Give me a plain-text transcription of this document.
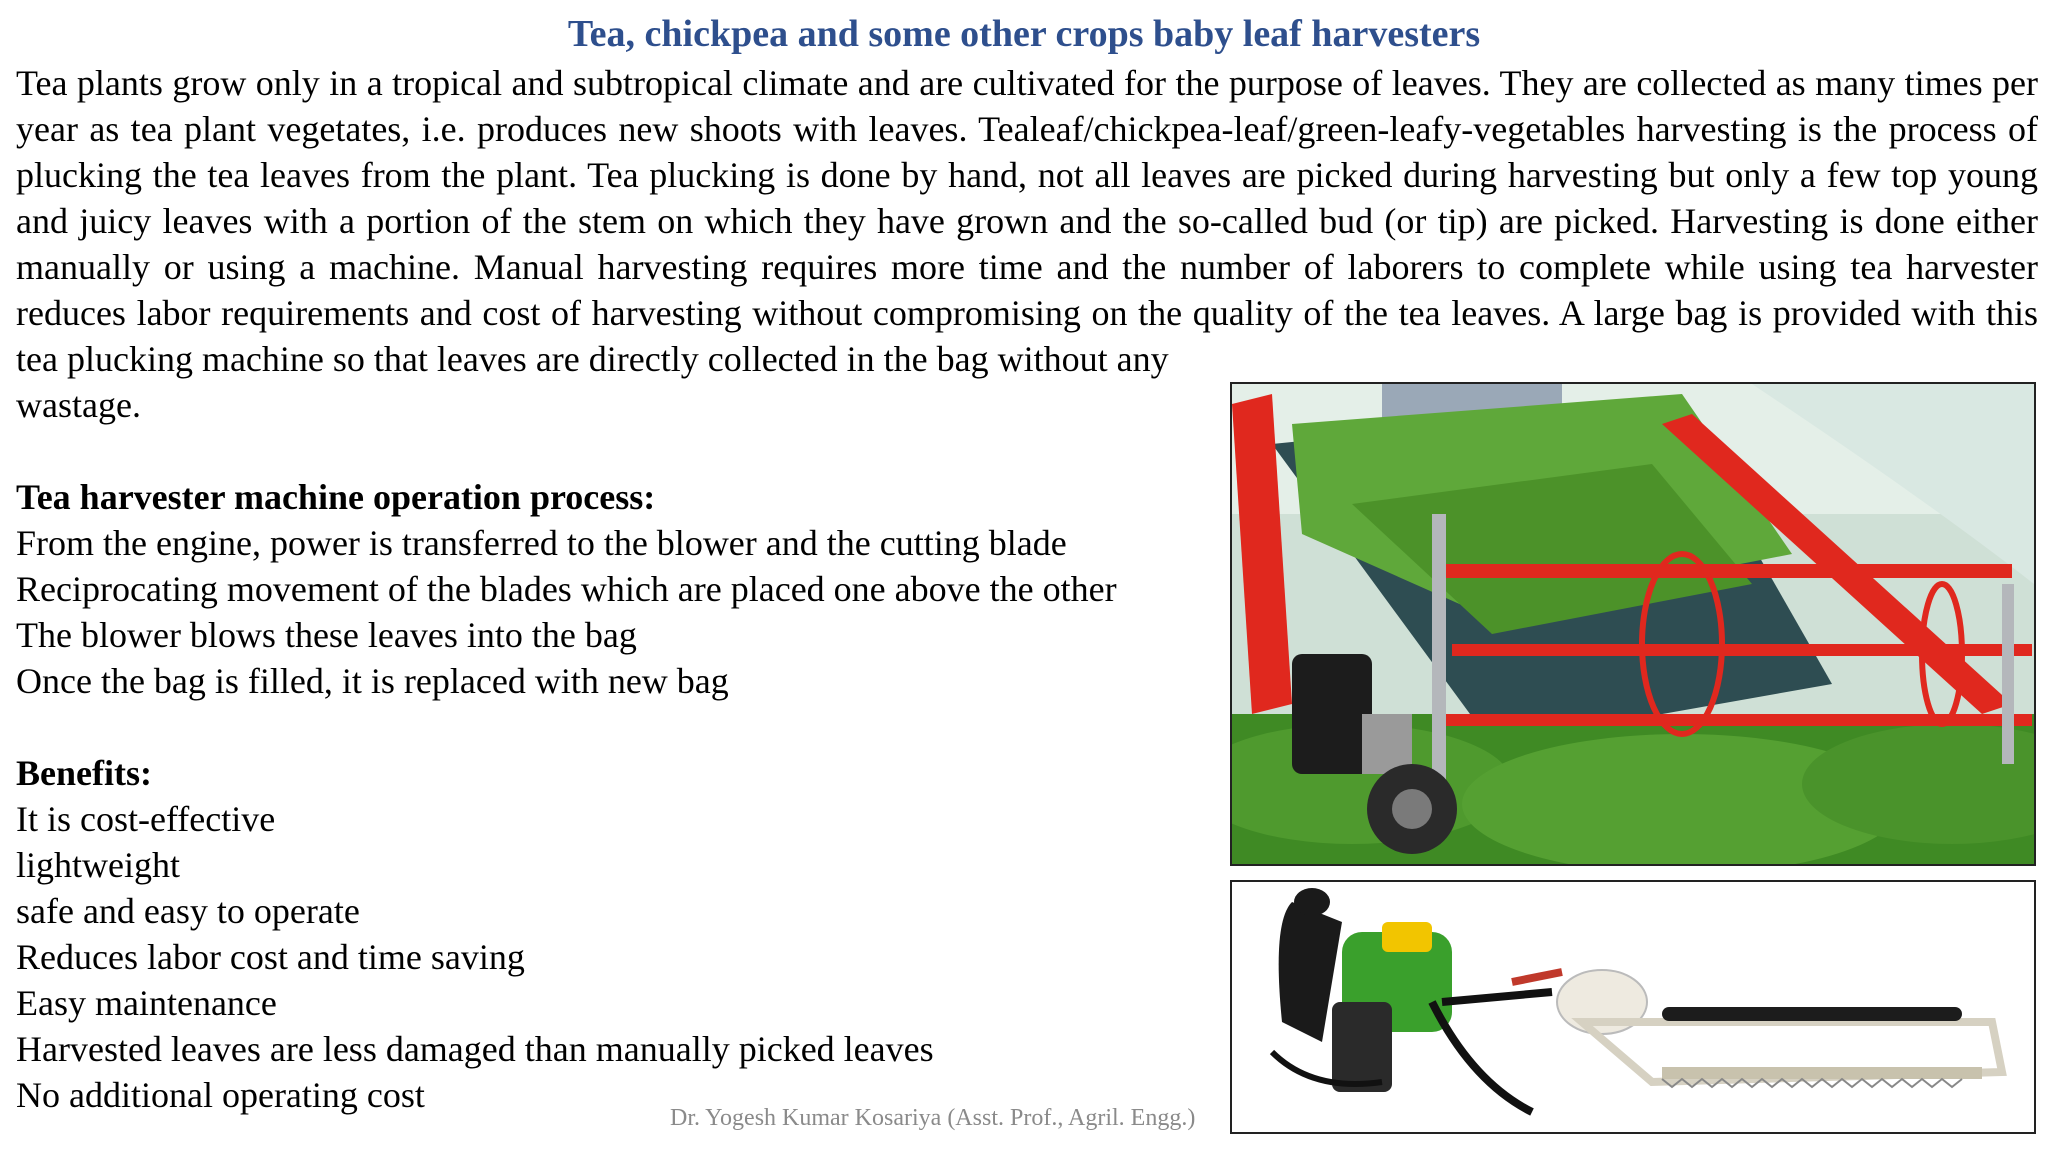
Tea, chickpea and some other crops baby leaf harvesters

Tea plants grow only in a tropical and subtropical climate and are cultivated for the purpose of leaves. They are collected as many times per year as tea plant vegetates, i.e. produces new shoots with leaves. Tealeaf/chickpea-leaf/green-leafy-vegetables harvesting is the process of plucking the tea leaves from the plant. Tea plucking is done by hand, not all leaves are picked during harvesting but only a few top young and juicy leaves with a portion of the stem on which they have grown and the so-called bud (or tip) are picked. Harvesting is done either manually or using a machine. Manual harvesting requires more time and the number of laborers to complete while using tea harvester reduces labor requirements and cost of harvesting without compromising on the quality of the tea leaves. A large bag is provided with this tea plucking machine so that leaves are directly collected in the bag without any

wastage.

Tea harvester machine operation process:

From the engine, power is transferred to the blower and the cutting blade

Reciprocating movement of the blades which are placed one above the other

The blower blows these leaves into the bag

Once the bag is filled, it is replaced with new bag

Benefits:

It is cost-effective

lightweight

safe and easy to operate

Reduces labor cost and time saving

Easy maintenance

Harvested leaves are less damaged than manually picked leaves

No additional operating cost

Dr. Yogesh Kumar Kosariya (Asst. Prof., Agril. Engg.)
